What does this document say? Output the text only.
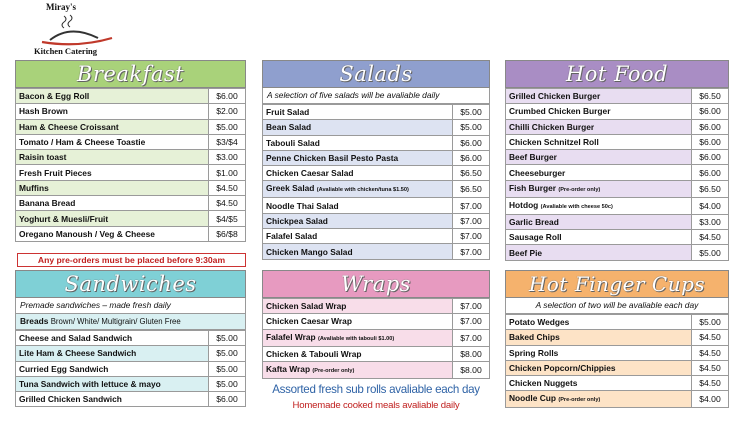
Miray's
Kitchen Catering
Breakfast
Bacon & Egg Roll	$6.00
Hash Brown	$2.00
Ham & Cheese Croissant	$5.00
Tomato / Ham & Cheese Toastie	$3/$4
Raisin toast	$3.00
Fresh Fruit Pieces	$1.00
Muffins	$4.50
Banana Bread	$4.50
Yoghurt & Muesli/Fruit	$4/$5
Oregano Manoush / Veg & Cheese	$6/$8
Any pre-orders must be placed before 9:30am
Salads
A selection of five salads will be avaliable daily
Fruit Salad	$5.00
Bean Salad	$5.00
Tabouli Salad	$6.00
Penne Chicken Basil Pesto Pasta	$6.00
Chicken Caesar Salad	$6.50
Greek Salad (Avaliable with chicken/tuna $1.50)	$6.50
Noodle Thai Salad	$7.00
Chickpea Salad	$7.00
Falafel Salad	$7.00
Chicken Mango Salad	$7.00
Hot Food
Grilled Chicken Burger	$6.50
Crumbed Chicken Burger	$6.00
Chilli Chicken Burger	$6.00
Chicken Schnitzel Roll	$6.00
Beef Burger	$6.00
Cheeseburger	$6.00
Fish Burger (Pre-order only)	$6.50
Hotdog (Avaliable with cheese 50c)	$4.00
Garlic Bread	$3.00
Sausage Roll	$4.50
Beef Pie	$5.00
Sandwiches
Premade sandwiches – made fresh daily
Breads Brown/ White/ Multigrain/ Gluten Free
Cheese and Salad Sandwich	$5.00
Lite Ham & Cheese Sandwich	$5.00
Curried Egg Sandwich	$5.00
Tuna Sandwich with lettuce & mayo	$5.00
Grilled Chicken Sandwich	$6.00
Wraps
Chicken Salad Wrap	$7.00
Chicken Caesar Wrap	$7.00
Falafel Wrap (Avaliable with tabouli $1.00)	$7.00
Chicken & Tabouli Wrap	$8.00
Kafta Wrap (Pre-order only)	$8.00
Assorted fresh sub rolls avaliable each day
Homemade cooked meals avaliable daily
Hot Finger Cups
A selection of two will be avaliable each day
Potato Wedges	$5.00
Baked Chips	$4.50
Spring Rolls	$4.50
Chicken Popcorn/Chippies	$4.50
Chicken Nuggets	$4.50
Noodle Cup (Pre-order only)	$4.00
